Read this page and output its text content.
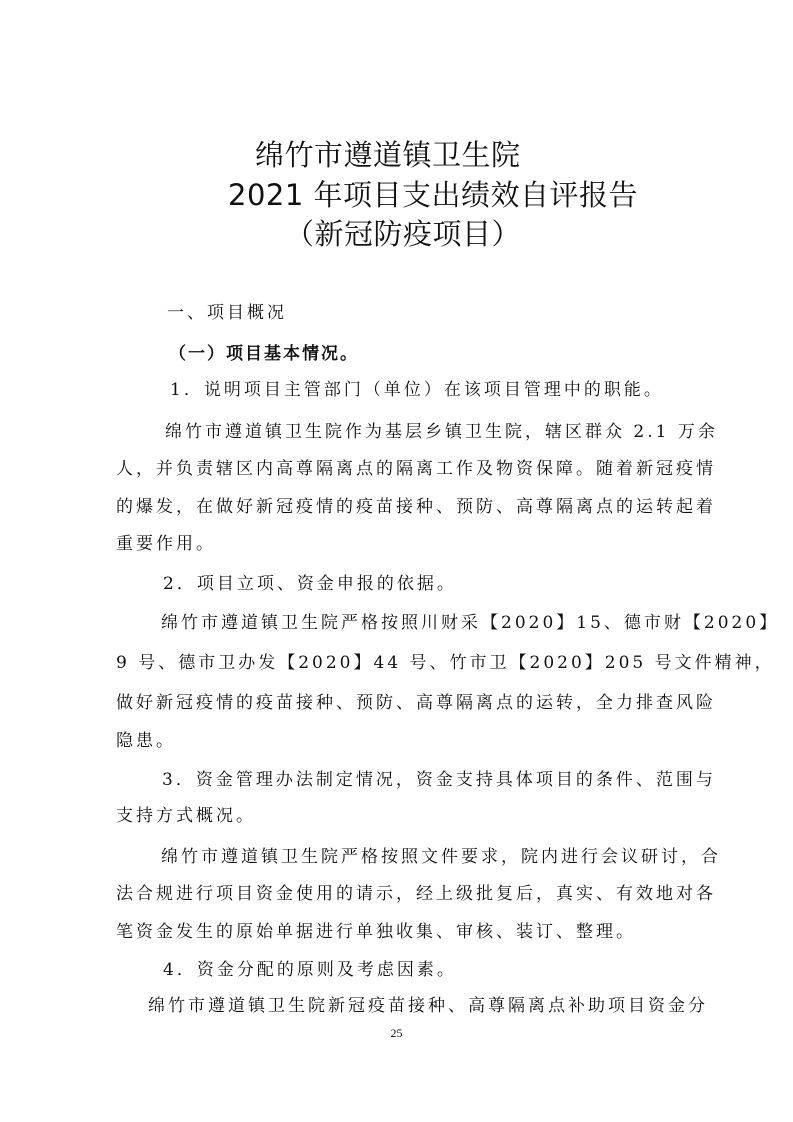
绵竹市遵道镇卫生院
2021 年项目支出绩效自评报告
（新冠防疫项目）
一、项目概况
（一）项目基本情况。
1．说明项目主管部门（单位）在该项目管理中的职能。
绵竹市遵道镇卫生院作为基层乡镇卫生院，辖区群众 2.1 万余
人，并负责辖区内高尊隔离点的隔离工作及物资保障。随着新冠疫情
的爆发，在做好新冠疫情的疫苗接种、预防、高尊隔离点的运转起着
重要作用。
2．项目立项、资金申报的依据。
绵竹市遵道镇卫生院严格按照川财采【2020】15、德市财【2020】
9 号、德市卫办发【2020】44 号、竹市卫【2020】205 号文件精神，
做好新冠疫情的疫苗接种、预防、高尊隔离点的运转，全力排查风险
隐患。
3．资金管理办法制定情况，资金支持具体项目的条件、范围与
支持方式概况。
绵竹市遵道镇卫生院严格按照文件要求，院内进行会议研讨，合
法合规进行项目资金使用的请示，经上级批复后，真实、有效地对各
笔资金发生的原始单据进行单独收集、审核、装订、整理。
4．资金分配的原则及考虑因素。
绵竹市遵道镇卫生院新冠疫苗接种、高尊隔离点补助项目资金分
25
